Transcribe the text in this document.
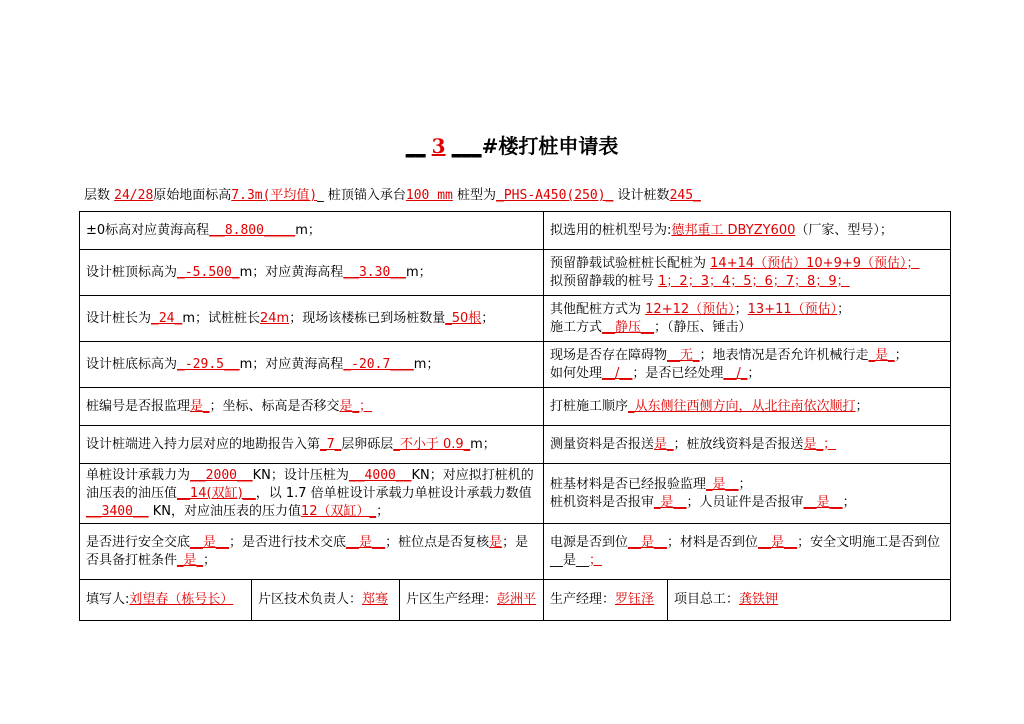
__ 3 ___#楼打桩申请表
层数 24/28原始地面标高7.3m(平均值)_ 桩顶锚入承台100 mm 桩型为_PHS-A450(250)_ 设计桩数245_
±0标高对应黄海高程__8.800____m；			拟选用的桩机型号为:德邦重工 DBYZY600（厂家、型号）；	
设计桩顶标高为_-5.500_m；对应黄海高程__3.30__m；			预留静载试验桩桩长配桩为 14+14（预估）10+9+9（预估）；
拟预留静载的桩号 1；2；3；4；5；6；7；8；9；	
设计桩长为_24_m；试桩桩长24m；现场该楼栋已到场桩数量_50根；			其他配桩方式为 12+12（预估）；13+11（预估）；
施工方式__静压__；（静压、锤击）	
设计桩底标高为_-29.5__m；对应黄海高程_-20.7___m；			现场是否存在障碍物__无_；地表情况是否允许机械行走_是_；
如何处理__/__；是否已经处理__/_；	
桩编号是否报监理是_；坐标、标高是否移交是_；			打桩施工顺序_从东侧往西侧方向，从北往南依次顺打；	
设计桩端进入持力层对应的地勘报告入第_7_层卵砾层_不小于 0.9_m；			测量资料是否报送是_；桩放线资料是否报送是_；	
单桩设计承载力为__2000__KN；设计压桩为__4000__KN；对应拟打桩机的油压表的油压值__14(双缸)__，以 1.7 倍单桩设计承载力单桩设计承载力数值__3400__ KN，对应油压表的压力值12（双缸）_；			桩基材料是否已经报验监理_是__；
桩机资料是否报审_是__；人员证件是否报审__是__；	
是否进行安全交底__是__；是否进行技术交底__是__；桩位点是否复核是；是否具备打桩条件_是_；			电源是否到位__是__；材料是否到位__是__；安全文明施工是否到位
__是__；	
填写人:刘望春（栋号长）	片区技术负责人：郑骞	片区生产经理：彭洲平	生产经理：罗钰泽	项目总工：龚铁钾
